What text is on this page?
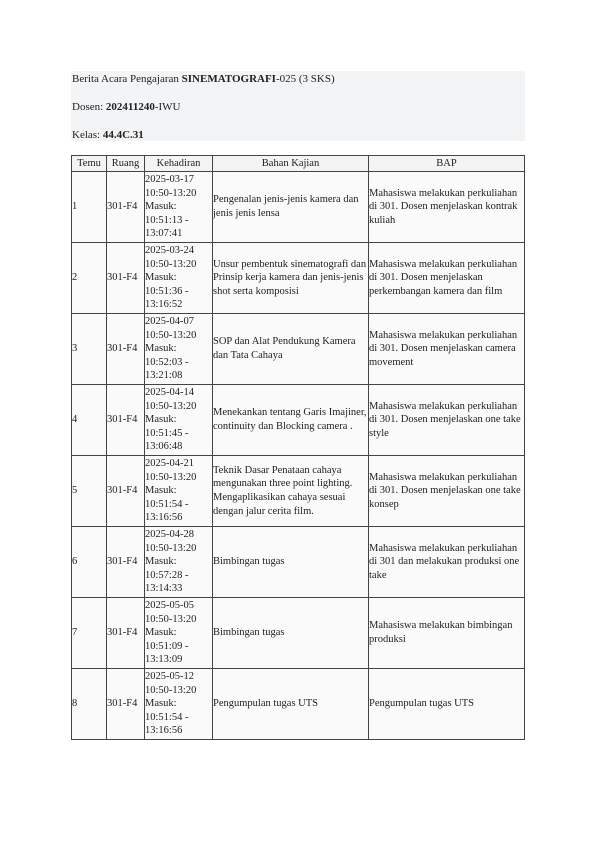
Berita Acara Pengajaran SINEMATOGRAFI-025 (3 SKS)
Dosen: 202411240-IWU
Kelas: 44.4C.31
Temu	Ruang	Kehadiran	Bahan Kajian	BAP
1	301-F4	2025-03-17
10:50-13:20
Masuk:
10:51:13 -
13:07:41	Pengenalan jenis-jenis kamera dan jenis jenis lensa	Mahasiswa melakukan perkuliahan di 301. Dosen menjelaskan kontrak kuliah
2	301-F4	2025-03-24
10:50-13:20
Masuk:
10:51:36 -
13:16:52	Unsur pembentuk sinematografi dan Prinsip kerja kamera dan jenis-jenis shot serta komposisi	Mahasiswa melakukan perkuliahan di 301. Dosen menjelaskan perkembangan kamera dan film
3	301-F4	2025-04-07
10:50-13:20
Masuk:
10:52:03 -
13:21:08	SOP dan Alat Pendukung Kamera dan Tata Cahaya	Mahasiswa melakukan perkuliahan di 301. Dosen menjelaskan camera movement
4	301-F4	2025-04-14
10:50-13:20
Masuk:
10:51:45 -
13:06:48	Menekankan tentang Garis Imajiner, continuity dan Blocking camera .	Mahasiswa melakukan perkuliahan di 301. Dosen menjelaskan one take style
5	301-F4	2025-04-21
10:50-13:20
Masuk:
10:51:54 -
13:16:56	Teknik Dasar Penataan cahaya mengunakan three point lighting. Mengaplikasikan cahaya sesuai dengan jalur cerita film.	Mahasiswa melakukan perkuliahan di 301. Dosen menjelaskan one take konsep
6	301-F4	2025-04-28
10:50-13:20
Masuk:
10:57:28 -
13:14:33	Bimbingan tugas	Mahasiswa melakukan perkuliahan di 301 dan melakukan produksi one take
7	301-F4	2025-05-05
10:50-13:20
Masuk:
10:51:09 -
13:13:09	Bimbingan tugas	Mahasiswa melakukan bimbingan produksi
8	301-F4	2025-05-12
10:50-13:20
Masuk:
10:51:54 -
13:16:56	Pengumpulan tugas UTS	Pengumpulan tugas UTS
